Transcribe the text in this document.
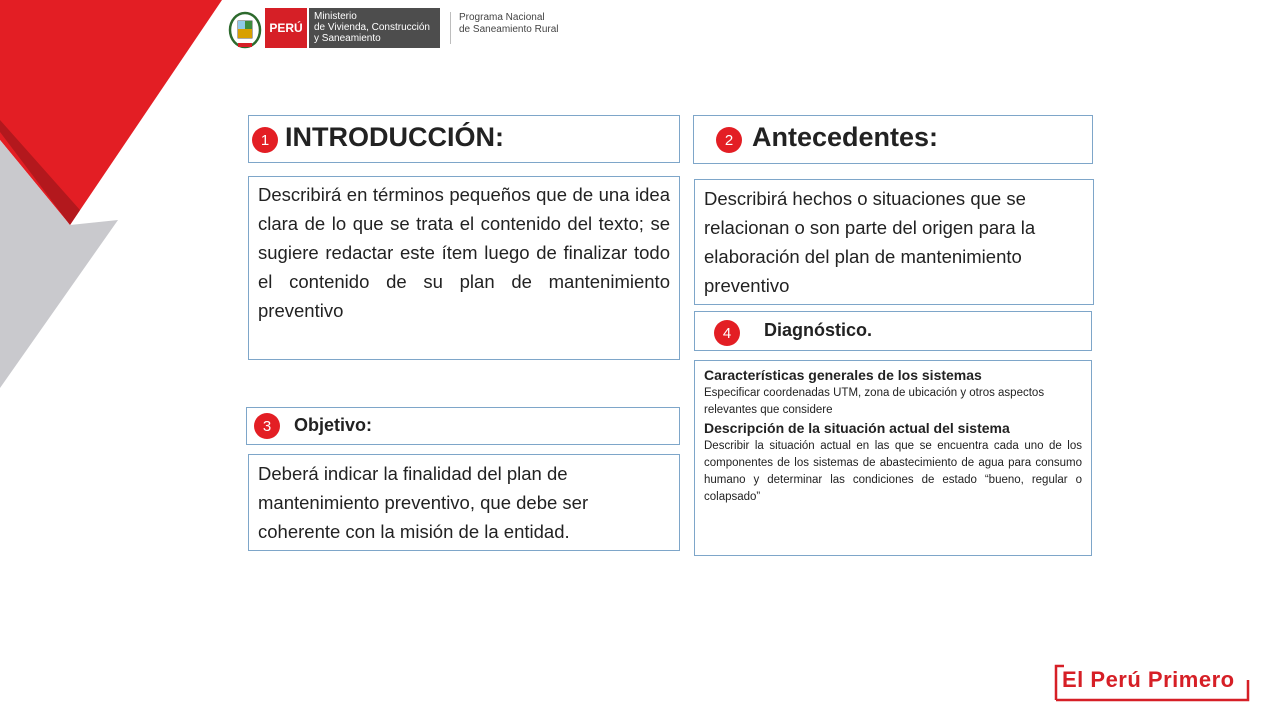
PERÚ
Ministerio
de Vivienda, Construcción
y Saneamiento
Programa Nacional
de Saneamiento Rural
1 INTRODUCCIÓN:
Describirá en términos pequeños que de una idea clara de lo que se trata el contenido del texto; se sugiere redactar este ítem luego de finalizar todo el contenido de su plan de mantenimiento preventivo
2 Antecedentes:
Describirá hechos o situaciones que se relacionan o son parte del origen para la elaboración del plan de mantenimiento preventivo
4	Diagnóstico.
Características generales de los sistemas
Especificar coordenadas UTM, zona de ubicación y otros aspectos relevantes que considere
Descripción de la situación actual del sistema
Describir la situación actual en las que se encuentra cada uno de los componentes de los sistemas de abastecimiento de agua para consumo humano y determinar las condiciones de estado “bueno, regular o colapsado”
3	Objetivo:
Deberá indicar la finalidad del plan de mantenimiento preventivo, que debe ser coherente con la misión de la entidad.
El Perú Primero
